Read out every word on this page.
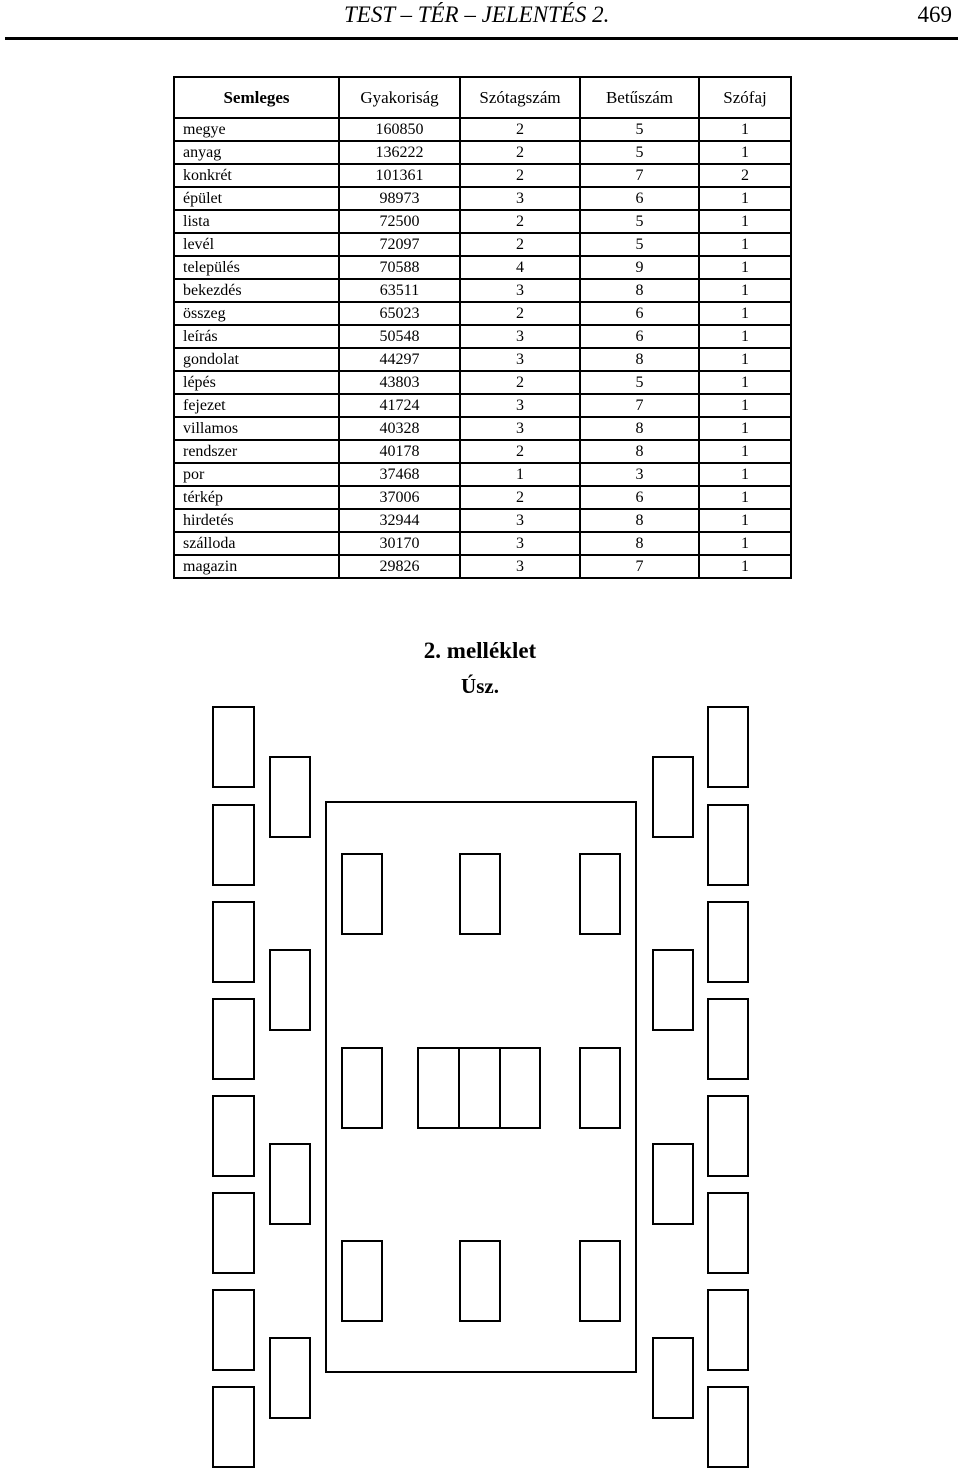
TEST – TÉR – JELENTÉS 2.	469
Semleges	Gyakoriság	Szótagszám	Betűszám	Szófaj
megye	160850	2	5	1
anyag	136222	2	5	1
konkrét	101361	2	7	2
épület	98973	3	6	1
lista	72500	2	5	1
levél	72097	2	5	1
település	70588	4	9	1
bekezdés	63511	3	8	1
összeg	65023	2	6	1
leírás	50548	3	6	1
gondolat	44297	3	8	1
lépés	43803	2	5	1
fejezet	41724	3	7	1
villamos	40328	3	8	1
rendszer	40178	2	8	1
por	37468	1	3	1
térkép	37006	2	6	1
hirdetés	32944	3	8	1
szálloda	30170	3	8	1
magazin	29826	3	7	1
2. melléklet
Úsz.
